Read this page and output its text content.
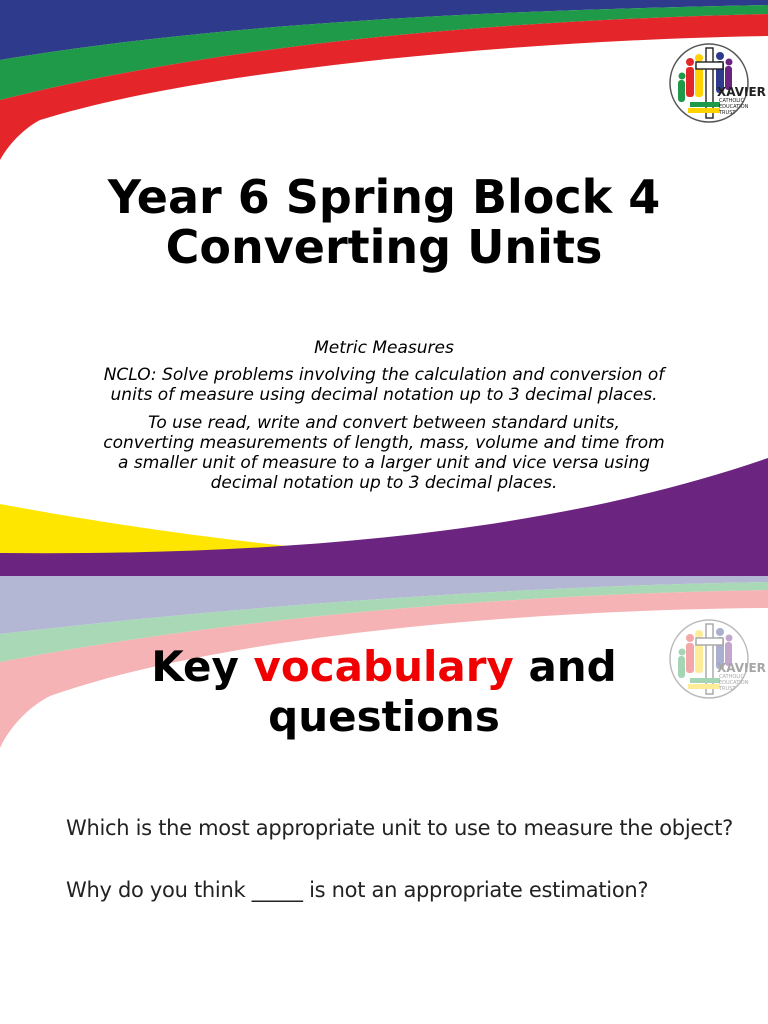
XAVIER
CATHOLIC
EDUCATION
TRUST
Year 6 Spring Block 4
Converting Units
Metric Measures
NCLO: Solve problems involving the calculation and conversion of
units of measure using decimal notation up to 3 decimal places.
To use read, write and convert between standard units,
converting measurements of length, mass, volume and time from
a smaller unit of measure to a larger unit and vice versa using
decimal notation up to 3 decimal places.
XAVIER
CATHOLIC
EDUCATION
TRUST
Key vocabulary and
questions
Which is the most appropriate unit to use to measure the object?
Why do you think _____ is not an appropriate estimation?
